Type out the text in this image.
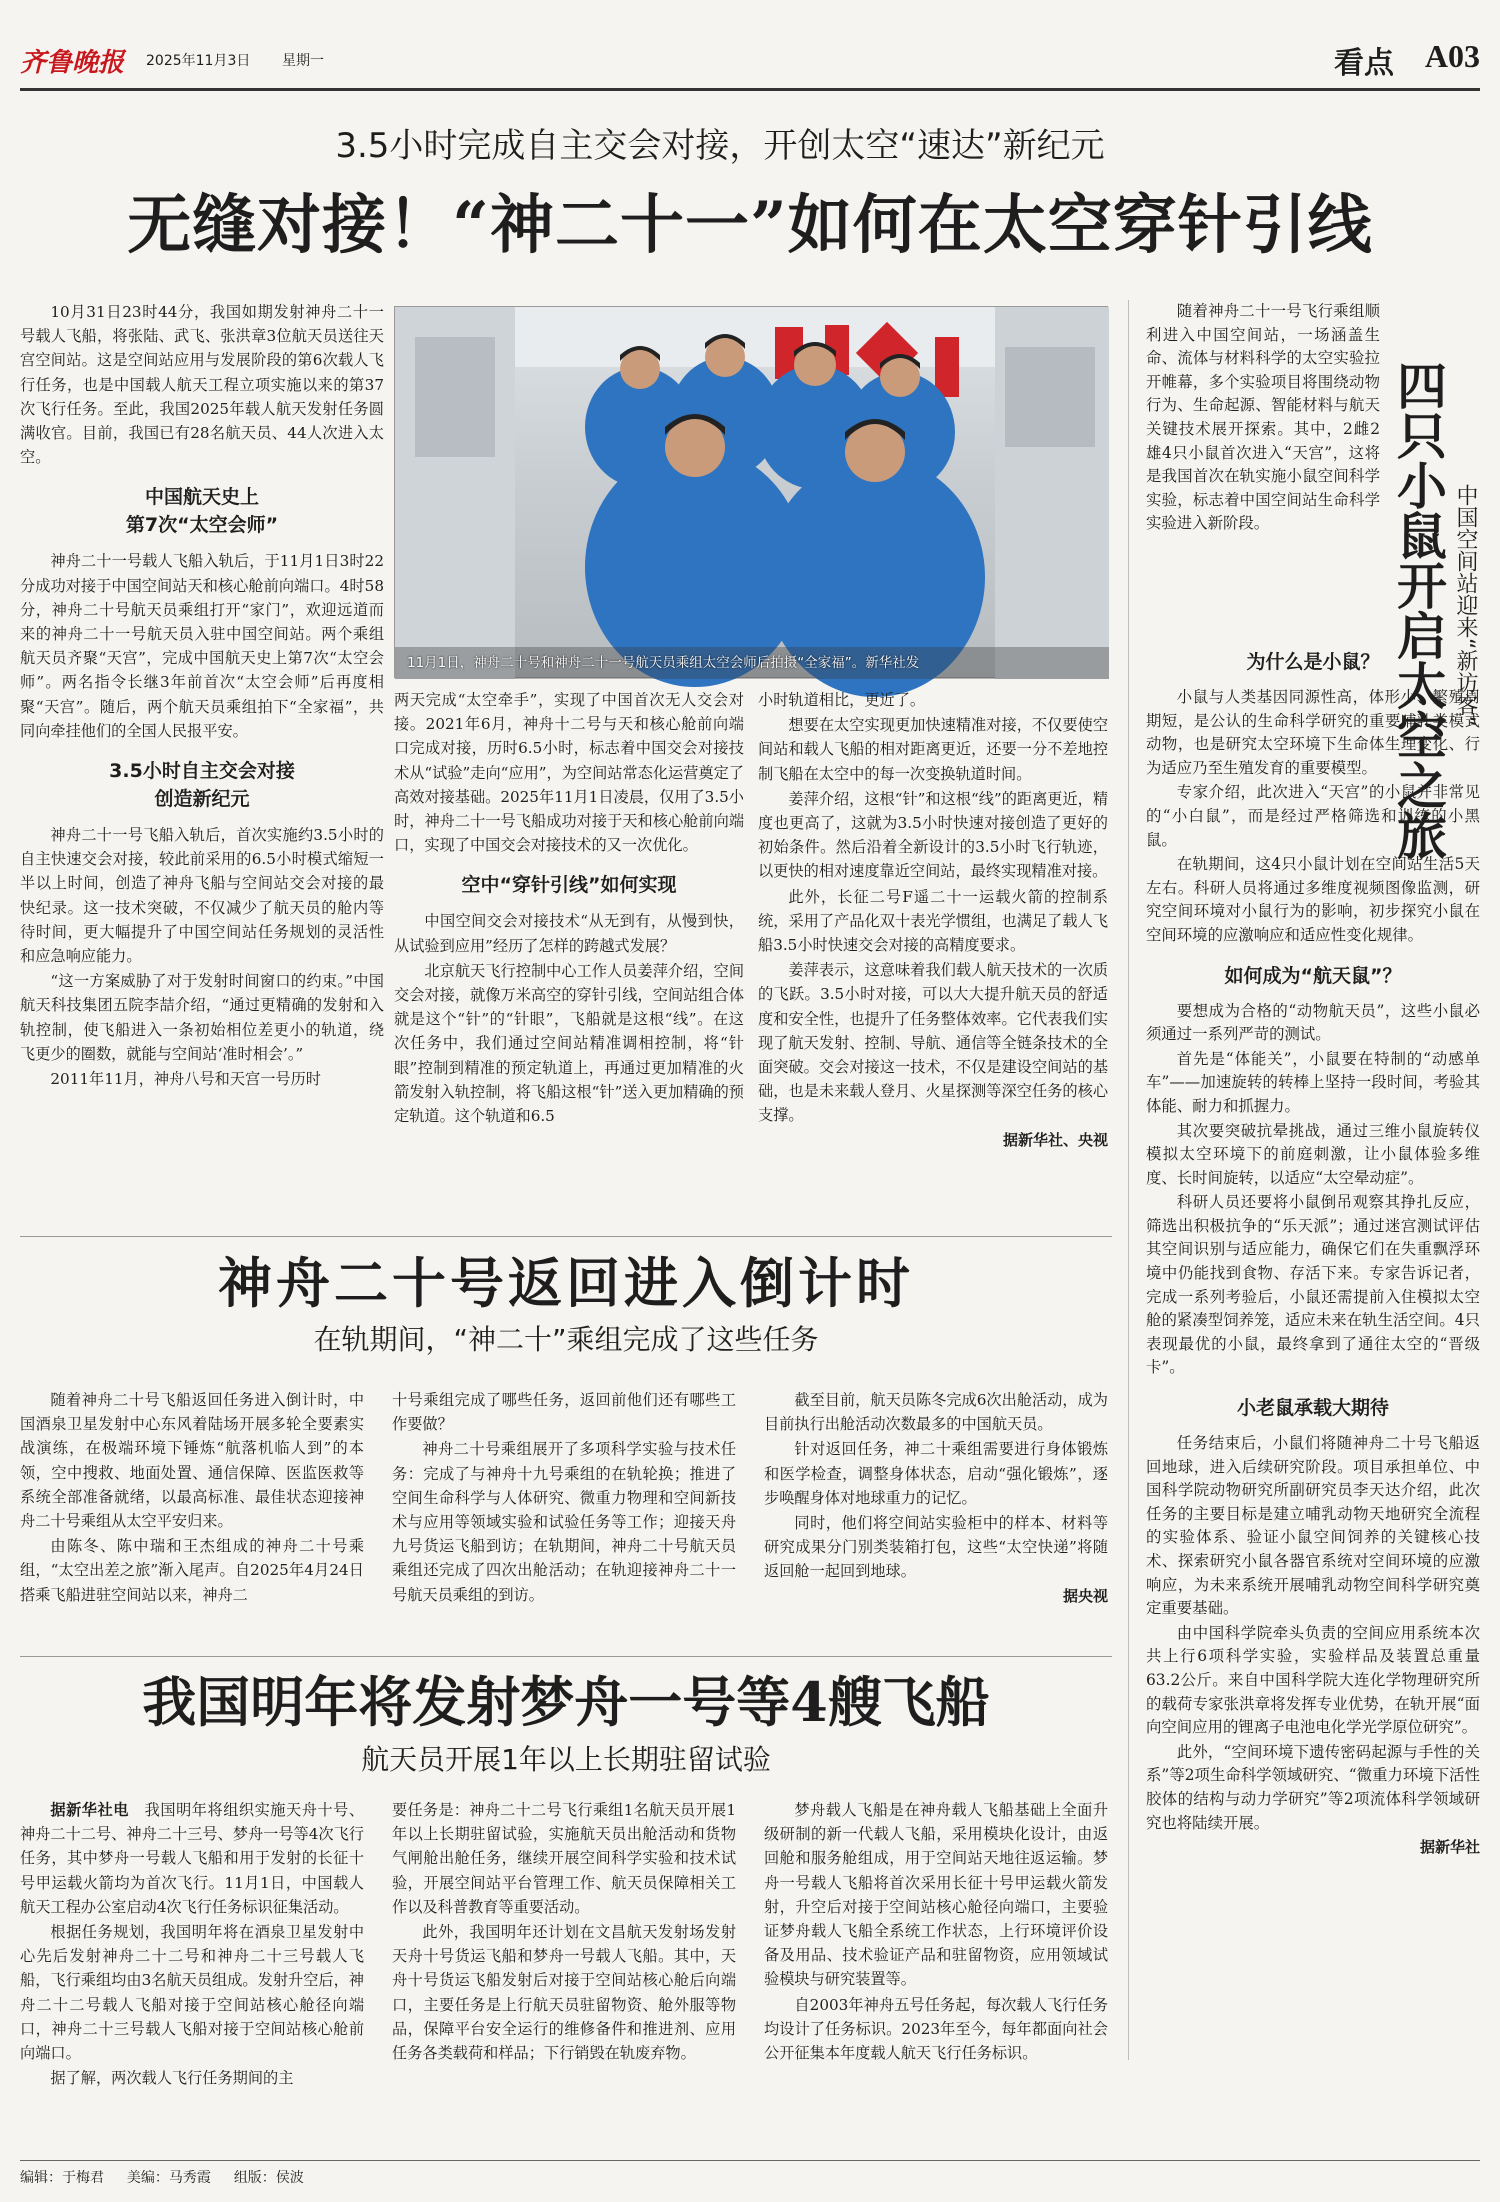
齐鲁晚报 2025年11月3日 星期一	看点 A03
3.5小时完成自主交会对接，开创太空“速达”新纪元
无缝对接！“神二十一”如何在太空穿针引线

10月31日23时44分，我国如期发射神舟二十一号载人飞船，将张陆、武飞、张洪章3位航天员送往天宫空间站。这是空间站应用与发展阶段的第6次载人飞行任务，也是中国载人航天工程立项实施以来的第37次飞行任务。至此，我国2025年载人航天发射任务圆满收官。目前，我国已有28名航天员、44人次进入太空。

中国航天史上
第7次“太空会师”

神舟二十一号载人飞船入轨后，于11月1日3时22分成功对接于中国空间站天和核心舱前向端口。4时58分，神舟二十号航天员乘组打开“家门”，欢迎远道而来的神舟二十一号航天员入驻中国空间站。两个乘组航天员齐聚“天宫”，完成中国航天史上第7次“太空会师”。两名指令长继3年前首次“太空会师”后再度相聚“天宫”。随后，两个航天员乘组拍下“全家福”，共同向牵挂他们的全国人民报平安。

3.5小时自主交会对接
创造新纪元

神舟二十一号飞船入轨后，首次实施约3.5小时的自主快速交会对接，较此前采用的6.5小时模式缩短一半以上时间，创造了神舟飞船与空间站交会对接的最快纪录。这一技术突破，不仅减少了航天员的舱内等待时间，更大幅提升了中国空间站任务规划的灵活性和应急响应能力。

“这一方案威胁了对于发射时间窗口的约束。”中国航天科技集团五院李喆介绍，“通过更精确的发射和入轨控制，使飞船进入一条初始相位差更小的轨道，绕飞更少的圈数，就能与空间站‘准时相会’。”

2011年11月，神舟八号和天宫一号历时

11月1日，神舟二十号和神舟二十一号航天员乘组太空会师后拍摄“全家福”。新华社发

两天完成“太空牵手”，实现了中国首次无人交会对接。2021年6月，神舟十二号与天和核心舱前向端口完成对接，历时6.5小时，标志着中国交会对接技术从“试验”走向“应用”，为空间站常态化运营奠定了高效对接基础。2025年11月1日凌晨，仅用了3.5小时，神舟二十一号飞船成功对接于天和核心舱前向端口，实现了中国交会对接技术的又一次优化。

空中“穿针引线”如何实现

中国空间交会对接技术“从无到有，从慢到快，从试验到应用”经历了怎样的跨越式发展？

北京航天飞行控制中心工作人员姜萍介绍，空间交会对接，就像万米高空的穿针引线，空间站组合体就是这个“针”的“针眼”，飞船就是这根“线”。在这次任务中，我们通过空间站精准调相控制，将“针眼”控制到精准的预定轨道上，再通过更加精准的火箭发射入轨控制，将飞船这根“针”送入更加精确的预定轨道。这个轨道和6.5

小时轨道相比，更近了。

想要在太空实现更加快速精准对接，不仅要使空间站和载人飞船的相对距离更近，还要一分不差地控制飞船在太空中的每一次变换轨道时间。

姜萍介绍，这根“针”和这根“线”的距离更近，精度也更高了，这就为3.5小时快速对接创造了更好的初始条件。然后沿着全新设计的3.5小时飞行轨迹，以更快的相对速度靠近空间站，最终实现精准对接。

此外，长征二号F遥二十一运载火箭的控制系统，采用了产品化双十表光学惯组，也满足了载人飞船3.5小时快速交会对接的高精度要求。

姜萍表示，这意味着我们载人航天技术的一次质的飞跃。3.5小时对接，可以大大提升航天员的舒适度和安全性，也提升了任务整体效率。它代表我们实现了航天发射、控制、导航、通信等全链条技术的全面突破。交会对接这一技术，不仅是建设空间站的基础，也是未来载人登月、火星探测等深空任务的核心支撑。

据新华社、央视
四只小鼠开启太空之旅 中国空间站迎来“新访客”

随着神舟二十一号飞行乘组顺利进入中国空间站，一场涵盖生命、流体与材料科学的太空实验拉开帷幕，多个实验项目将围绕动物行为、生命起源、智能材料与航天关键技术展开探索。其中，2雌2雄4只小鼠首次进入“天宫”，这将是我国首次在轨实施小鼠空间科学实验，标志着中国空间站生命科学实验进入新阶段。

为什么是小鼠？

小鼠与人类基因同源性高，体形小、繁殖周期短，是公认的生命科学研究的重要哺乳类模式动物，也是研究太空环境下生命体生理变化、行为适应乃至生殖发育的重要模型。

专家介绍，此次进入“天宫”的小鼠并非常见的“小白鼠”，而是经过严格筛选和训练的小黑鼠。

在轨期间，这4只小鼠计划在空间站生活5天左右。科研人员将通过多维度视频图像监测，研究空间环境对小鼠行为的影响，初步探究小鼠在空间环境的应激响应和适应性变化规律。

如何成为“航天鼠”？

要想成为合格的“动物航天员”，这些小鼠必须通过一系列严苛的测试。

首先是“体能关”，小鼠要在特制的“动感单车”——加速旋转的转棒上坚持一段时间，考验其体能、耐力和抓握力。

其次要突破抗晕挑战，通过三维小鼠旋转仪模拟太空环境下的前庭刺激，让小鼠体验多维度、长时间旋转，以适应“太空晕动症”。

科研人员还要将小鼠倒吊观察其挣扎反应，筛选出积极抗争的“乐天派”；通过迷宫测试评估其空间识别与适应能力，确保它们在失重飘浮环境中仍能找到食物、存活下来。专家告诉记者，完成一系列考验后，小鼠还需提前入住模拟太空舱的紧凑型饲养笼，适应未来在轨生活空间。4只表现最优的小鼠，最终拿到了通往太空的“晋级卡”。

小老鼠承载大期待

任务结束后，小鼠们将随神舟二十号飞船返回地球，进入后续研究阶段。项目承担单位、中国科学院动物研究所副研究员李天达介绍，此次任务的主要目标是建立哺乳动物天地研究全流程的实验体系、验证小鼠空间饲养的关键核心技术、探索研究小鼠各器官系统对空间环境的应激响应，为未来系统开展哺乳动物空间科学研究奠定重要基础。

由中国科学院牵头负责的空间应用系统本次共上行6项科学实验，实验样品及装置总重量63.2公斤。来自中国科学院大连化学物理研究所的载荷专家张洪章将发挥专业优势，在轨开展“面向空间应用的锂离子电池电化学光学原位研究”。

此外，“空间环境下遗传密码起源与手性的关系”等2项生命科学领域研究、“微重力环境下活性胶体的结构与动力学研究”等2项流体科学领域研究也将陆续开展。

据新华社
神舟二十号返回进入倒计时
在轨期间，“神二十”乘组完成了这些任务

随着神舟二十号飞船返回任务进入倒计时，中国酒泉卫星发射中心东风着陆场开展多轮全要素实战演练，在极端环境下锤炼“航落机临人到”的本领，空中搜救、地面处置、通信保障、医监医救等系统全部准备就绪，以最高标准、最佳状态迎接神舟二十号乘组从太空平安归来。

由陈冬、陈中瑞和王杰组成的神舟二十号乘组，“太空出差之旅”渐入尾声。自2025年4月24日搭乘飞船进驻空间站以来，神舟二

十号乘组完成了哪些任务，返回前他们还有哪些工作要做？

神舟二十号乘组展开了多项科学实验与技术任务：完成了与神舟十九号乘组的在轨轮换；推进了空间生命科学与人体研究、微重力物理和空间新技术与应用等领域实验和试验任务等工作；迎接天舟九号货运飞船到访；在轨期间，神舟二十号航天员乘组还完成了四次出舱活动；在轨迎接神舟二十一号航天员乘组的到访。

截至目前，航天员陈冬完成6次出舱活动，成为目前执行出舱活动次数最多的中国航天员。

针对返回任务，神二十乘组需要进行身体锻炼和医学检查，调整身体状态，启动“强化锻炼”，逐步唤醒身体对地球重力的记忆。

同时，他们将空间站实验柜中的样本、材料等研究成果分门别类装箱打包，这些“太空快递”将随返回舱一起回到地球。

据央视
我国明年将发射梦舟一号等4艘飞船
航天员开展1年以上长期驻留试验

据新华社电　 我国明年将组织实施天舟十号、神舟二十二号、神舟二十三号、梦舟一号等4次飞行任务，其中梦舟一号载人飞船和用于发射的长征十号甲运载火箭均为首次飞行。11月1日，中国载人航天工程办公室启动4次飞行任务标识征集活动。

根据任务规划，我国明年将在酒泉卫星发射中心先后发射神舟二十二号和神舟二十三号载人飞船，飞行乘组均由3名航天员组成。发射升空后，神舟二十二号载人飞船对接于空间站核心舱径向端口，神舟二十三号载人飞船对接于空间站核心舱前向端口。

据了解，两次载人飞行任务期间的主

要任务是：神舟二十二号飞行乘组1名航天员开展1年以上长期驻留试验，实施航天员出舱活动和货物气闸舱出舱任务，继续开展空间科学实验和技术试验，开展空间站平台管理工作、航天员保障相关工作以及科普教育等重要活动。

此外，我国明年还计划在文昌航天发射场发射天舟十号货运飞船和梦舟一号载人飞船。其中，天舟十号货运飞船发射后对接于空间站核心舱后向端口，主要任务是上行航天员驻留物资、舱外服等物品，保障平台安全运行的维修备件和推进剂、应用任务各类载荷和样品；下行销毁在轨废弃物。

梦舟载人飞船是在神舟载人飞船基础上全面升级研制的新一代载人飞船，采用模块化设计，由返回舱和服务舱组成，用于空间站天地往返运输。梦舟一号载人飞船将首次采用长征十号甲运载火箭发射，升空后对接于空间站核心舱径向端口，主要验证梦舟载人飞船全系统工作状态，上行环境评价设备及用品、技术验证产品和驻留物资，应用领域试验模块与研究装置等。

自2003年神舟五号任务起，每次载人飞行任务均设计了任务标识。2023年至今，每年都面向社会公开征集本年度载人航天飞行任务标识。

编辑：于梅君 美编：马秀霞 组版：侯波
